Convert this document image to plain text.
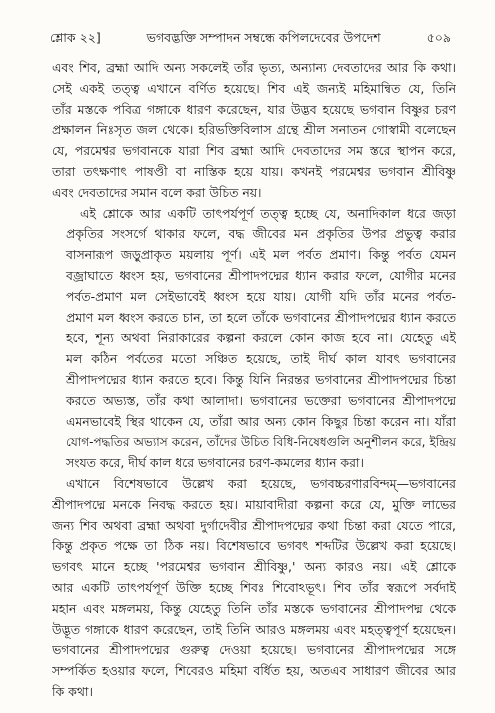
শ্লোক ২২]	ভগবদ্ভক্তি সম্পাদন সম্বন্ধে কপিলদেবের উপদেশ	৫০৯

এবং শিব, ব্রহ্মা আদি অন্য সকলেই তাঁর ভৃত্য, অন্যান্য দেবতাদের আর কি কথা।
সেই একই তত্ত্ব এখানে বর্ণিত হয়েছে। শিব এই জন্যই মহিমান্বিত যে, তিনি
তাঁর মস্তকে পবিত্র গঙ্গাকে ধারণ করেছেন, যার উদ্ভব হয়েছে ভগবান বিষ্ণুর চরণ
প্রক্ষালন নিঃসৃত জল থেকে। হরিভক্তিবিলাস গ্রন্থে শ্রীল সনাতন গোস্বামী বলেছেন
যে, পরমেশ্বর ভগবানকে যারা শিব ব্রহ্মা আদি দেবতাদের সম স্তরে স্থাপন করে,
তারা তৎক্ষণাৎ পাষণ্ডী বা নাস্তিক হয়ে যায়। কখনই পরমেশ্বর ভগবান শ্রীবিষ্ণু
এবং দেবতাদের সমান বলে করা উচিত নয়।

এই শ্লোকে আর একটি তাৎপর্যপূর্ণ তত্ত্ব হচ্ছে যে, অনাদিকাল ধরে জড়া
প্রকৃতির সংসর্গে থাকার ফলে, বদ্ধ জীবের মন প্রকৃতির উপর প্রভুত্ব করার
বাসনারূপ জড়ুপ্রাকৃত ময়লায় পূর্ণ। এই মল পর্বত প্রমাণ। কিন্তু পর্বত যেমন
বজ্রাঘাতে ধ্বংস হয়, ভগবানের শ্রীপাদপদ্মের ধ্যান করার ফলে, যোগীর মনের
পর্বত-প্রমাণ মল সেইভাবেই ধ্বংস হয়ে যায়। যোগী যদি তাঁর মনের পর্বত-
প্রমাণ মল ধ্বংস করতে চান, তা হলে তাঁকে ভগবানের শ্রীপাদপদ্মের ধ্যান করতে
হবে, শূন্য অথবা নিরাকারের কল্পনা করলে কোন কাজ হবে না। যেহেতু এই
মল কঠিন পর্বতের মতো সঞ্চিত হয়েছে, তাই দীর্ঘ কাল যাবৎ ভগবানের
শ্রীপাদপদ্মের ধ্যান করতে হবে। কিন্তু যিনি নিরন্তর ভগবানের শ্রীপাদপদ্মের চিন্তা
করতে অভ্যস্ত, তাঁর কথা আলাদা। ভগবানের ভক্তেরা ভগবানের শ্রীপাদপদ্মে
এমনভাবেই স্থির থাকেন যে, তাঁরা আর অন্য কোন কিছুর চিন্তা করেন না। যাঁরা
যোগ-পদ্ধতির অভ্যাস করেন, তাঁদের উচিত বিধি-নিষেধগুলি অনুশীলন করে, ইন্দ্রিয়
সংযত করে, দীর্ঘ কাল ধরে ভগবানের চরণ-কমলের ধ্যান করা।

এখানে বিশেষভাবে উল্লেখ করা হয়েছে, ভগবচ্চরণারবিন্দম্—ভগবানের
শ্রীপাদপদ্মে মনকে নিবদ্ধ করতে হয়। মায়াবাদীরা কল্পনা করে যে, মুক্তি লাভের
জন্য শিব অথবা ব্রহ্মা অথবা দুর্গাদেবীর শ্রীপাদপদ্মের কথা চিন্তা করা যেতে পারে,
কিন্তু প্রকৃত পক্ষে তা ঠিক নয়। বিশেষভাবে ভগবৎ শব্দটির উল্লেখ করা হয়েছে।
ভগবৎ মানে হচ্ছে 'পরমেশ্বর ভগবান শ্রীবিষ্ণু,' অন্য কারও নয়। এই শ্লোকে
আর একটি তাৎপর্যপূর্ণ উক্তি হচ্ছে শিবঃ শিবোঽভূৎ। শিব তাঁর স্বরূপে সর্বদাই
মহান এবং মঙ্গলময়, কিন্তু যেহেতু তিনি তাঁর মস্তকে ভগবানের শ্রীপাদপদ্ম থেকে
উদ্ভূত গঙ্গাকে ধারণ করেছেন, তাই তিনি আরও মঙ্গলময় এবং মহত্ত্বপূর্ণ হয়েছেন।
ভগবানের শ্রীপাদপদ্মের গুরুত্ব দেওয়া হয়েছে। ভগবানের শ্রীপাদপদ্মের সঙ্গে
সম্পর্কিত হওয়ার ফলে, শিবেরও মহিমা বর্ধিত হয়, অতএব সাধারণ জীবের আর
কি কথা।
